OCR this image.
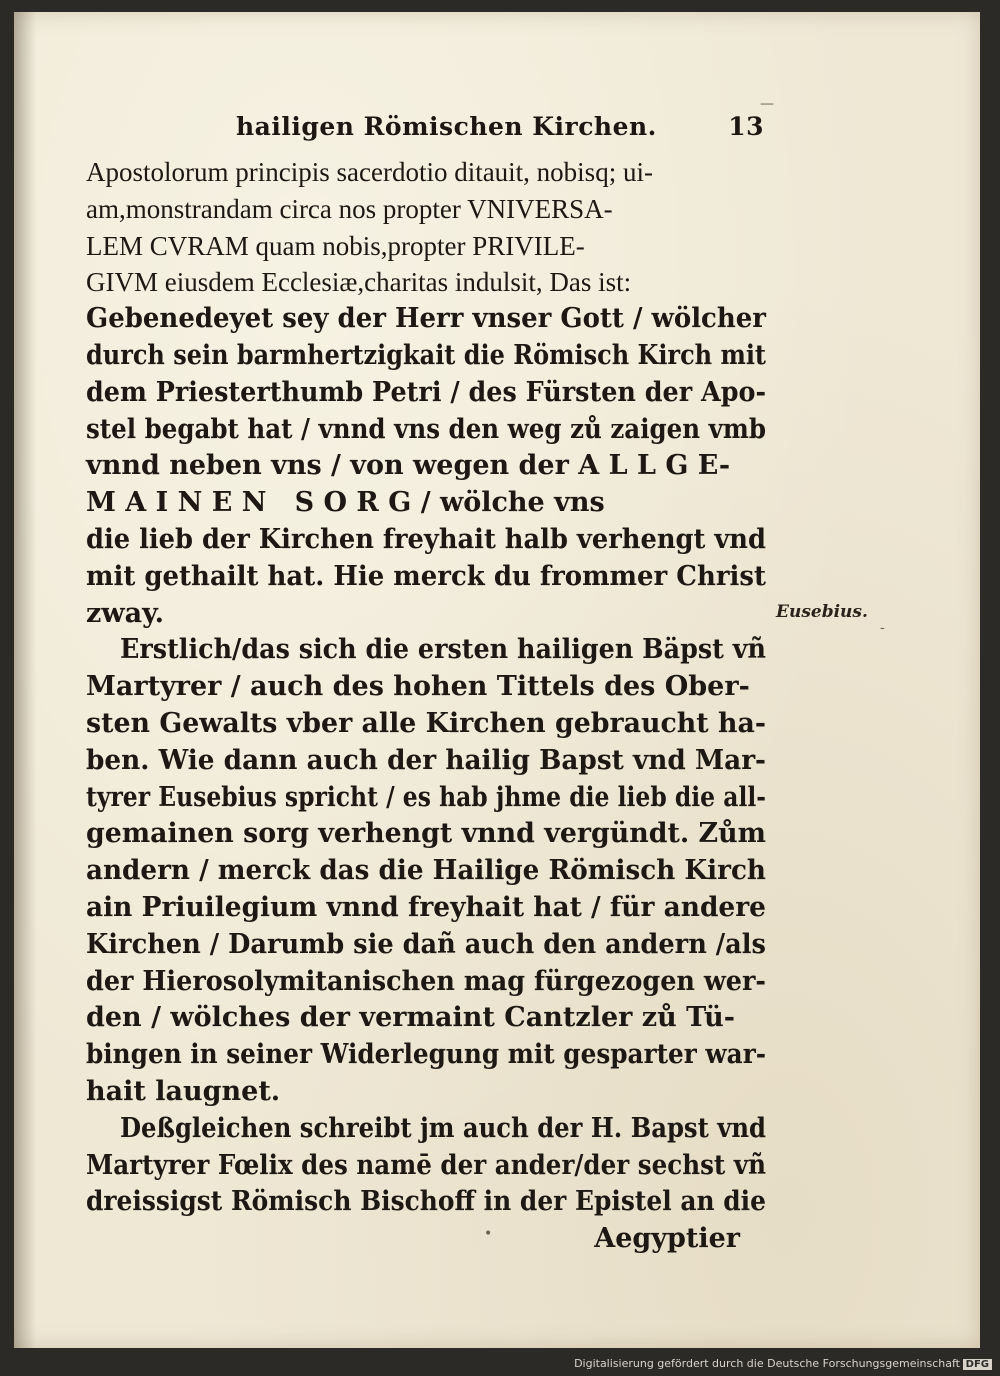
hailigen Römischen Kirchen.	13
Apostolorum principis sacerdotio ditauit, nobisq; ui-
am,monstrandam circa nos propter VNIVERSA-
LEM CVRAM quam nobis,propter PRIVILE-
GIVM eiusdem Ecclesiæ,charitas indulsit, Das ist:
Gebenedeyet sey der Herr vnser Gott / wölcher
durch sein barmhertzigkait die Römisch Kirch mit
dem Priesterthumb Petri / des Fürsten der Apo-
stel begabt hat / vnnd vns den weg zů zaigen vmb
vnnd neben vns / von wegen der A L L G E-
M A I N E N   S O R G / wölche vns
die lieb der Kirchen freyhait halb verhengt vnd
mit gethailt hat. Hie merck du frommer Christ
zway.
Erstlich/das sich die ersten hailigen Bäpst vñ
Martyrer / auch des hohen Tittels des Ober-
sten Gewalts vber alle Kirchen gebraucht ha-
ben. Wie dann auch der hailig Bapst vnd Mar-
tyrer Eusebius spricht / es hab jhme die lieb die all-
gemainen sorg verhengt vnnd vergündt. Zům
andern / merck das die Hailige Römisch Kirch
ain Priuilegium vnnd freyhait hat / für andere
Kirchen / Darumb sie dañ auch den andern /als
der Hierosolymitanischen mag fürgezogen wer-
den / wölches der vermaint Cantzler zů Tü-
bingen in seiner Widerlegung mit gesparter war-
hait laugnet.
Deßgleichen schreibt jm auch der H. Bapst vnd
Martyrer Fœlix des namē der ander/der sechst vñ
dreissigst Römisch Bischoff in der Epistel an die
Aegyptier
Eusebius.
•
-
—
Digitalisierung gefördert durch die Deutsche Forschungsgemeinschaft DFG
